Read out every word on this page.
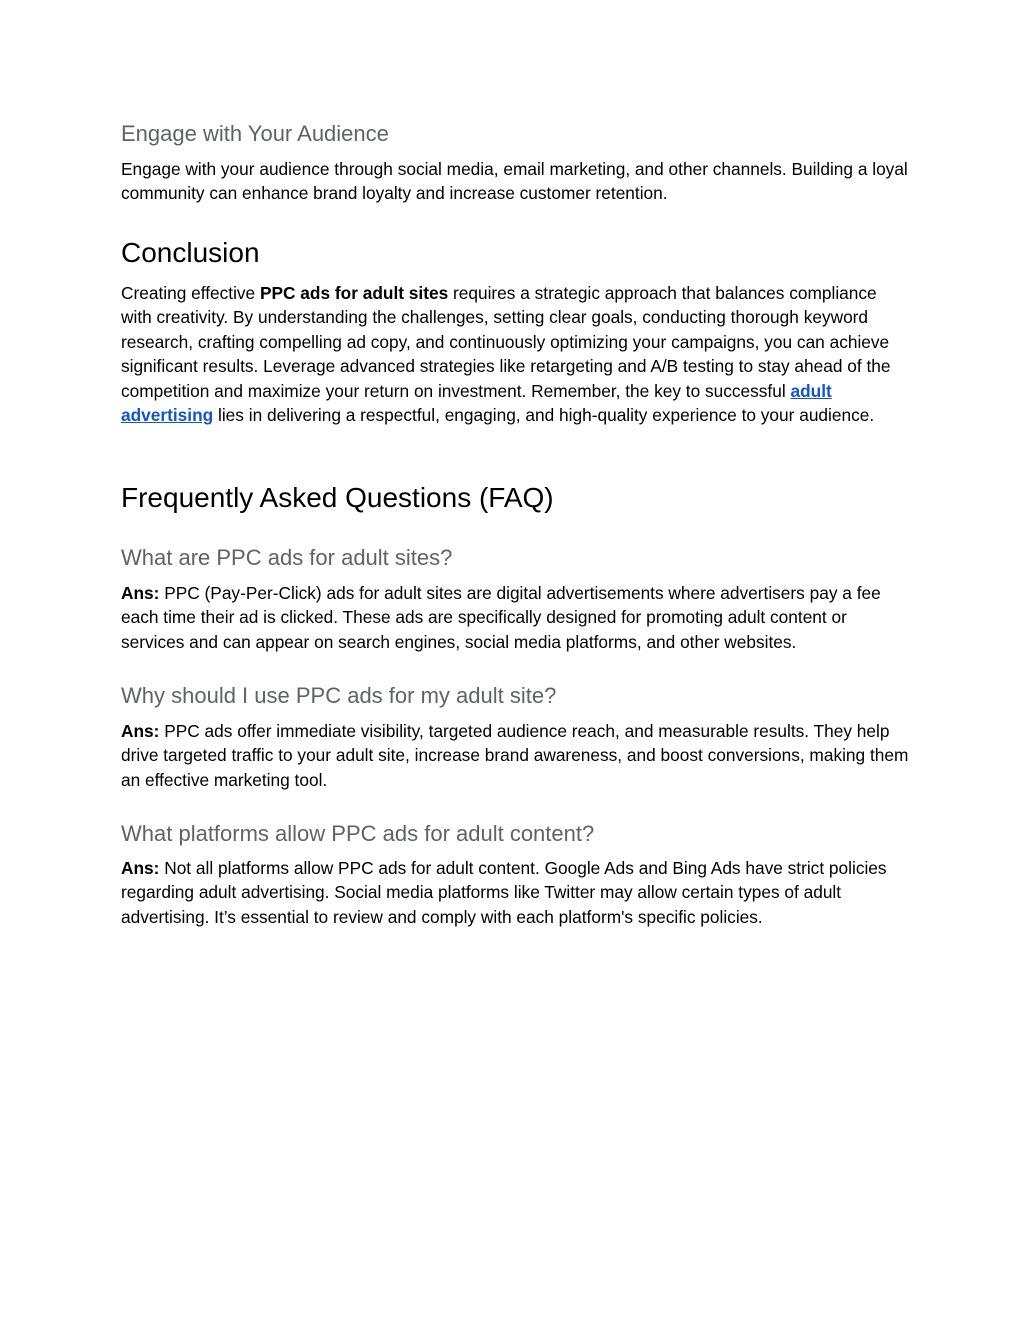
Engage with Your Audience

Engage with your audience through social media, email marketing, and other channels. Building a loyal community can enhance brand loyalty and increase customer retention.

Conclusion

Creating effective PPC ads for adult sites requires a strategic approach that balances compliance with creativity. By understanding the challenges, setting clear goals, conducting thorough keyword research, crafting compelling ad copy, and continuously optimizing your campaigns, you can achieve significant results. Leverage advanced strategies like retargeting and A/B testing to stay ahead of the competition and maximize your return on investment. Remember, the key to successful adult advertising lies in delivering a respectful, engaging, and high-quality experience to your audience.

Frequently Asked Questions (FAQ)
What are PPC ads for adult sites?

Ans: PPC (Pay-Per-Click) ads for adult sites are digital advertisements where advertisers pay a fee each time their ad is clicked. These ads are specifically designed for promoting adult content or services and can appear on search engines, social media platforms, and other websites.

Why should I use PPC ads for my adult site?

Ans: PPC ads offer immediate visibility, targeted audience reach, and measurable results. They help drive targeted traffic to your adult site, increase brand awareness, and boost conversions, making them an effective marketing tool.

What platforms allow PPC ads for adult content?

Ans: Not all platforms allow PPC ads for adult content. Google Ads and Bing Ads have strict policies regarding adult advertising. Social media platforms like Twitter may allow certain types of adult advertising. It’s essential to review and comply with each platform's specific policies.
